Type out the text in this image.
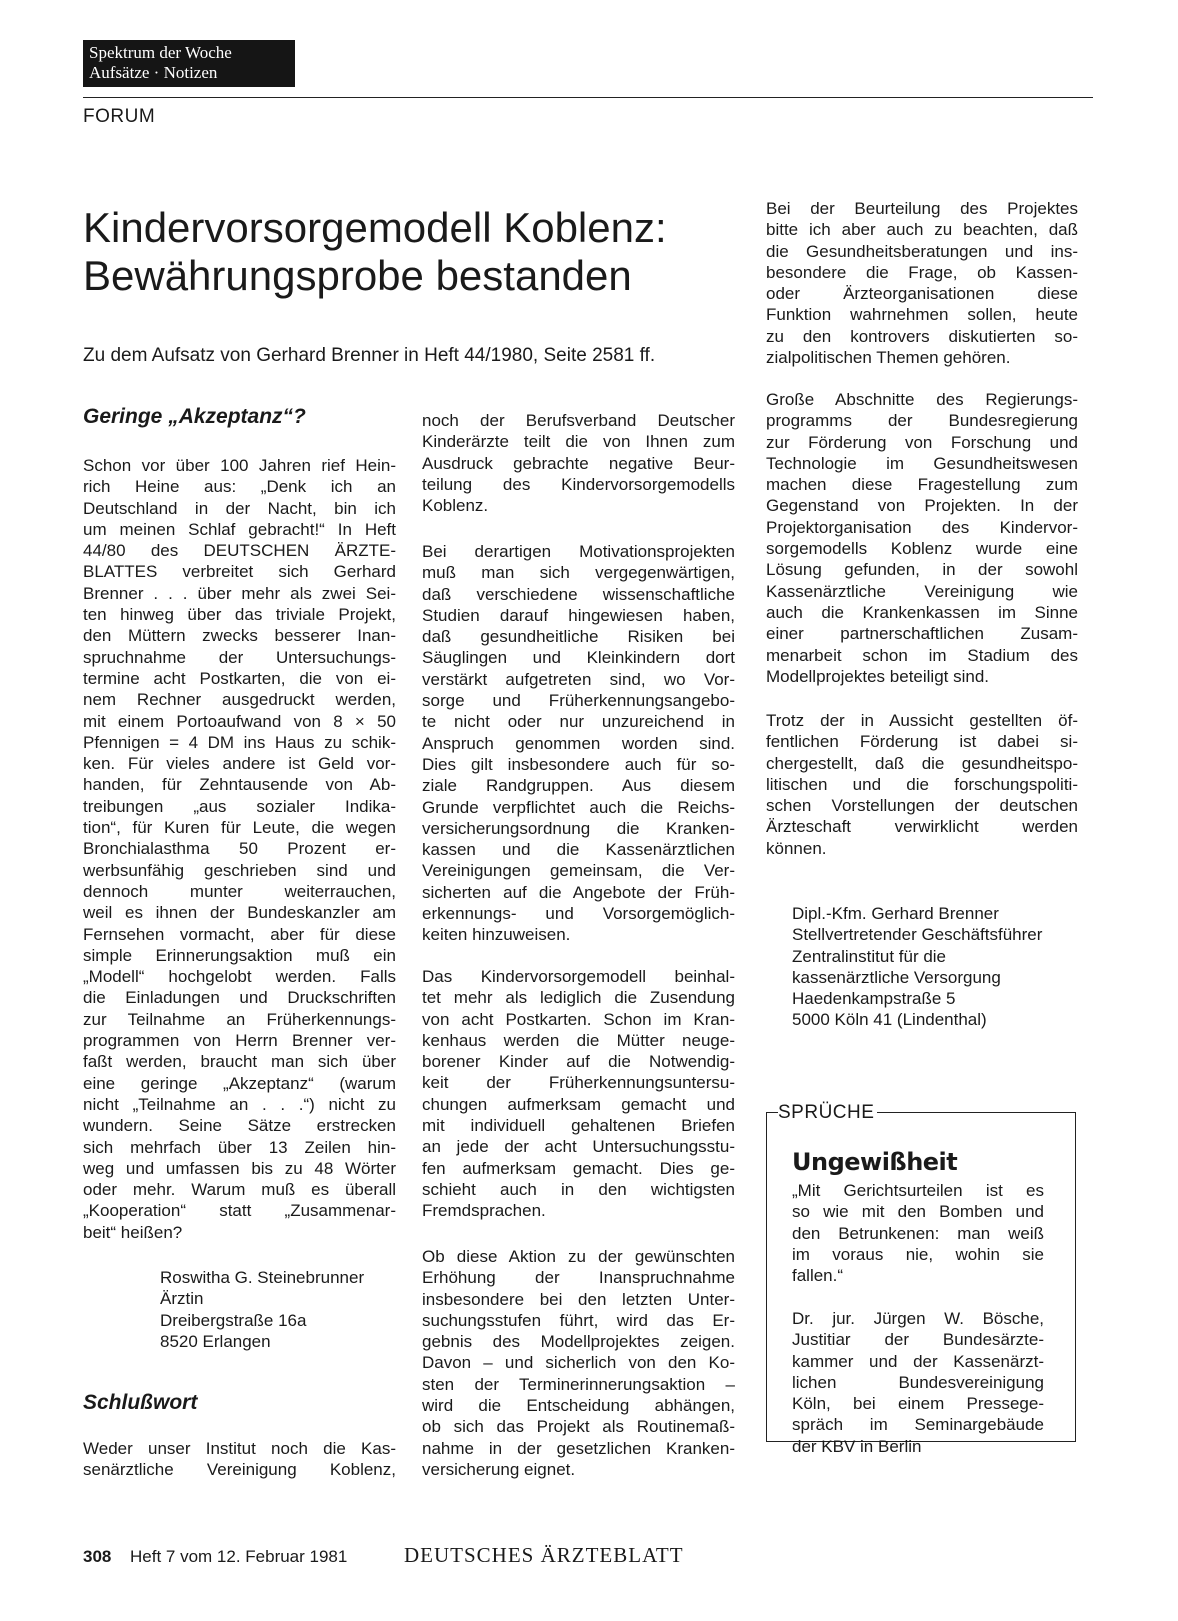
Spektrum der Woche
Aufsätze · Notizen
FORUM
Kindervorsorgemodell Koblenz:
Bewährungsprobe bestanden
Zu dem Aufsatz von Gerhard Brenner in Heft 44/1980, Seite 2581 ff.
Geringe „Akzeptanz“?
Schon vor über 100 Jahren rief Hein-
rich Heine aus: „Denk ich an
Deutschland in der Nacht, bin ich
um meinen Schlaf gebracht!“ In Heft
44/80 des DEUTSCHEN ÄRZTE-
BLATTES verbreitet sich Gerhard
Brenner . . . über mehr als zwei Sei-
ten hinweg über das triviale Projekt,
den Müttern zwecks besserer Inan-
spruchnahme der Untersuchungs-
termine acht Postkarten, die von ei-
nem Rechner ausgedruckt werden,
mit einem Portoaufwand von 8 × 50
Pfennigen = 4 DM ins Haus zu schik-
ken. Für vieles andere ist Geld vor-
handen, für Zehntausende von Ab-
treibungen „aus sozialer Indika-
tion“, für Kuren für Leute, die wegen
Bronchialasthma 50 Prozent er-
werbsunfähig geschrieben sind und
dennoch munter weiterrauchen,
weil es ihnen der Bundeskanzler am
Fernsehen vormacht, aber für diese
simple Erinnerungsaktion muß ein
„Modell“ hochgelobt werden. Falls
die Einladungen und Druckschriften
zur Teilnahme an Früherkennungs-
programmen von Herrn Brenner ver-
faßt werden, braucht man sich über
eine geringe „Akzeptanz“ (warum
nicht „Teilnahme an . . .“) nicht zu
wundern. Seine Sätze erstrecken
sich mehrfach über 13 Zeilen hin-
weg und umfassen bis zu 48 Wörter
oder mehr. Warum muß es überall
„Kooperation“ statt „Zusammenar-
beit“ heißen?
Roswitha G. Steinebrunner
Ärztin
Dreibergstraße 16a
8520 Erlangen
Schlußwort
Weder unser Institut noch die Kas-
senärztliche Vereinigung Koblenz,
noch der Berufsverband Deutscher
Kinderärzte teilt die von Ihnen zum
Ausdruck gebrachte negative Beur-
teilung des Kindervorsorgemodells
Koblenz.
Bei derartigen Motivationsprojekten
muß man sich vergegenwärtigen,
daß verschiedene wissenschaftliche
Studien darauf hingewiesen haben,
daß gesundheitliche Risiken bei
Säuglingen und Kleinkindern dort
verstärkt aufgetreten sind, wo Vor-
sorge und Früherkennungsangebo-
te nicht oder nur unzureichend in
Anspruch genommen worden sind.
Dies gilt insbesondere auch für so-
ziale Randgruppen. Aus diesem
Grunde verpflichtet auch die Reichs-
versicherungsordnung die Kranken-
kassen und die Kassenärztlichen
Vereinigungen gemeinsam, die Ver-
sicherten auf die Angebote der Früh-
erkennungs- und Vorsorgemöglich-
keiten hinzuweisen.
Das Kindervorsorgemodell beinhal-
tet mehr als lediglich die Zusendung
von acht Postkarten. Schon im Kran-
kenhaus werden die Mütter neuge-
borener Kinder auf die Notwendig-
keit der Früherkennungsuntersu-
chungen aufmerksam gemacht und
mit individuell gehaltenen Briefen
an jede der acht Untersuchungsstu-
fen aufmerksam gemacht. Dies ge-
schieht auch in den wichtigsten
Fremdsprachen.
Ob diese Aktion zu der gewünschten
Erhöhung der Inanspruchnahme
insbesondere bei den letzten Unter-
suchungsstufen führt, wird das Er-
gebnis des Modellprojektes zeigen.
Davon – und sicherlich von den Ko-
sten der Terminerinnerungsaktion –
wird die Entscheidung abhängen,
ob sich das Projekt als Routinemaß-
nahme in der gesetzlichen Kranken-
versicherung eignet.
Bei der Beurteilung des Projektes
bitte ich aber auch zu beachten, daß
die Gesundheitsberatungen und ins-
besondere die Frage, ob Kassen-
oder Ärzteorganisationen diese
Funktion wahrnehmen sollen, heute
zu den kontrovers diskutierten so-
zialpolitischen Themen gehören.
Große Abschnitte des Regierungs-
programms der Bundesregierung
zur Förderung von Forschung und
Technologie im Gesundheitswesen
machen diese Fragestellung zum
Gegenstand von Projekten. In der
Projektorganisation des Kindervor-
sorgemodells Koblenz wurde eine
Lösung gefunden, in der sowohl
Kassenärztliche Vereinigung wie
auch die Krankenkassen im Sinne
einer partnerschaftlichen Zusam-
menarbeit schon im Stadium des
Modellprojektes beteiligt sind.
Trotz der in Aussicht gestellten öf-
fentlichen Förderung ist dabei si-
chergestellt, daß die gesundheitspo-
litischen und die forschungspoliti-
schen Vorstellungen der deutschen
Ärzteschaft verwirklicht werden
können.
Dipl.-Kfm. Gerhard Brenner
Stellvertretender Geschäftsführer
Zentralinstitut für die
kassenärztliche Versorgung
Haedenkampstraße 5
5000 Köln 41 (Lindenthal)
SPRÜCHE
Ungewißheit
„Mit Gerichtsurteilen ist es
so wie mit den Bomben und
den Betrunkenen: man weiß
im voraus nie, wohin sie
fallen.“
Dr. jur. Jürgen W. Bösche,
Justitiar der Bundesärzte-
kammer und der Kassenärzt-
lichen Bundesvereinigung
Köln, bei einem Pressege-
spräch im Seminargebäude
der KBV in Berlin
308 Heft 7 vom 12. Februar 1981	DEUTSCHES ÄRZTEBLATT
